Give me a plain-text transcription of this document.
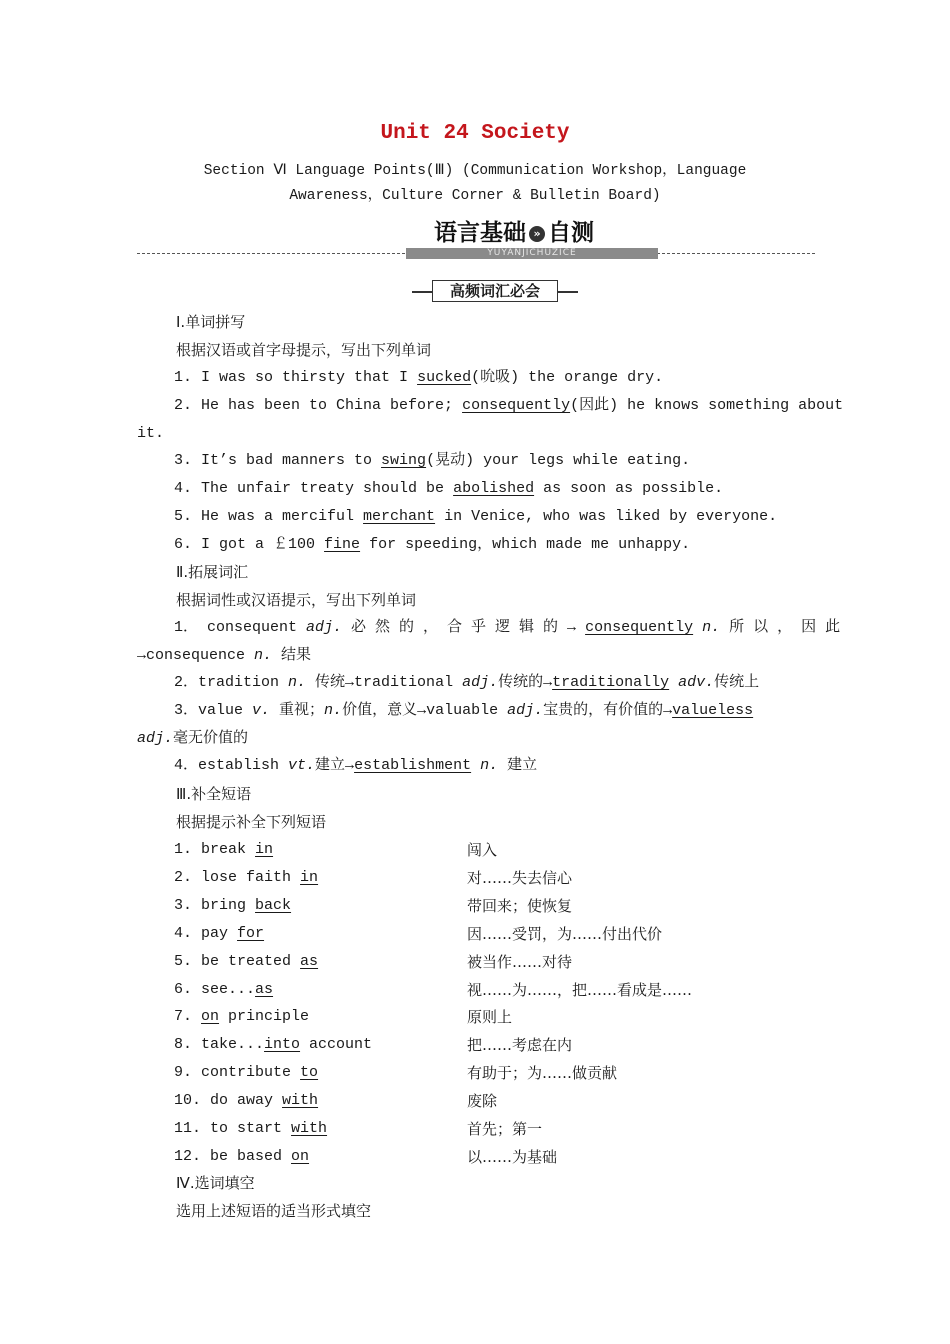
Unit 24 Society
Section Ⅵ Language Points(Ⅲ) (Communication Workshop，Language
Awareness，Culture Corner & Bulletin Board)
语言基础 » 自测
YUYANJICHUZICE
高频词汇必会
Ⅰ.单词拼写
根据汉语或首字母提示，写出下列单词
1. I was so thirsty that I sucked(吮吸) the orange dry.
2. He has been to China before; consequently(因此) he knows something about
it.
3. It’s bad manners to swing(晃动) your legs while eating.
4. The unfair treaty should be abolished as soon as possible.
5. He was a merciful merchant in Venice, who was liked by everyone.
6. I got a ￡100 fine for speeding，which made me unhappy.
Ⅱ.拓展词汇
根据词性或汉语提示，写出下列单词
1． consequent adj. 必 然 的 ， 合 乎 逻 辑 的 → consequently n. 所 以 ， 因 此
→consequence n. 结果
2．tradition n. 传统→traditional adj.传统的→traditionally adv.传统上
3．value v. 重视；n.价值，意义→valuable adj.宝贵的，有价值的→valueless
adj.毫无价值的
4．establish vt.建立→establishment n. 建立
Ⅲ.补全短语
根据提示补全下列短语
1. break in	闯入
2. lose faith in	对……失去信心
3. bring back	带回来；使恢复
4. pay for	因……受罚，为……付出代价
5. be treated as	被当作……对待
6. see...as	视……为……，把……看成是……
7. on principle	原则上
8. take...into account	把……考虑在内
9. contribute to	有助于；为……做贡献
10. do away with	废除
11. to start with	首先；第一
12. be based on	以……为基础
Ⅳ.选词填空
选用上述短语的适当形式填空
